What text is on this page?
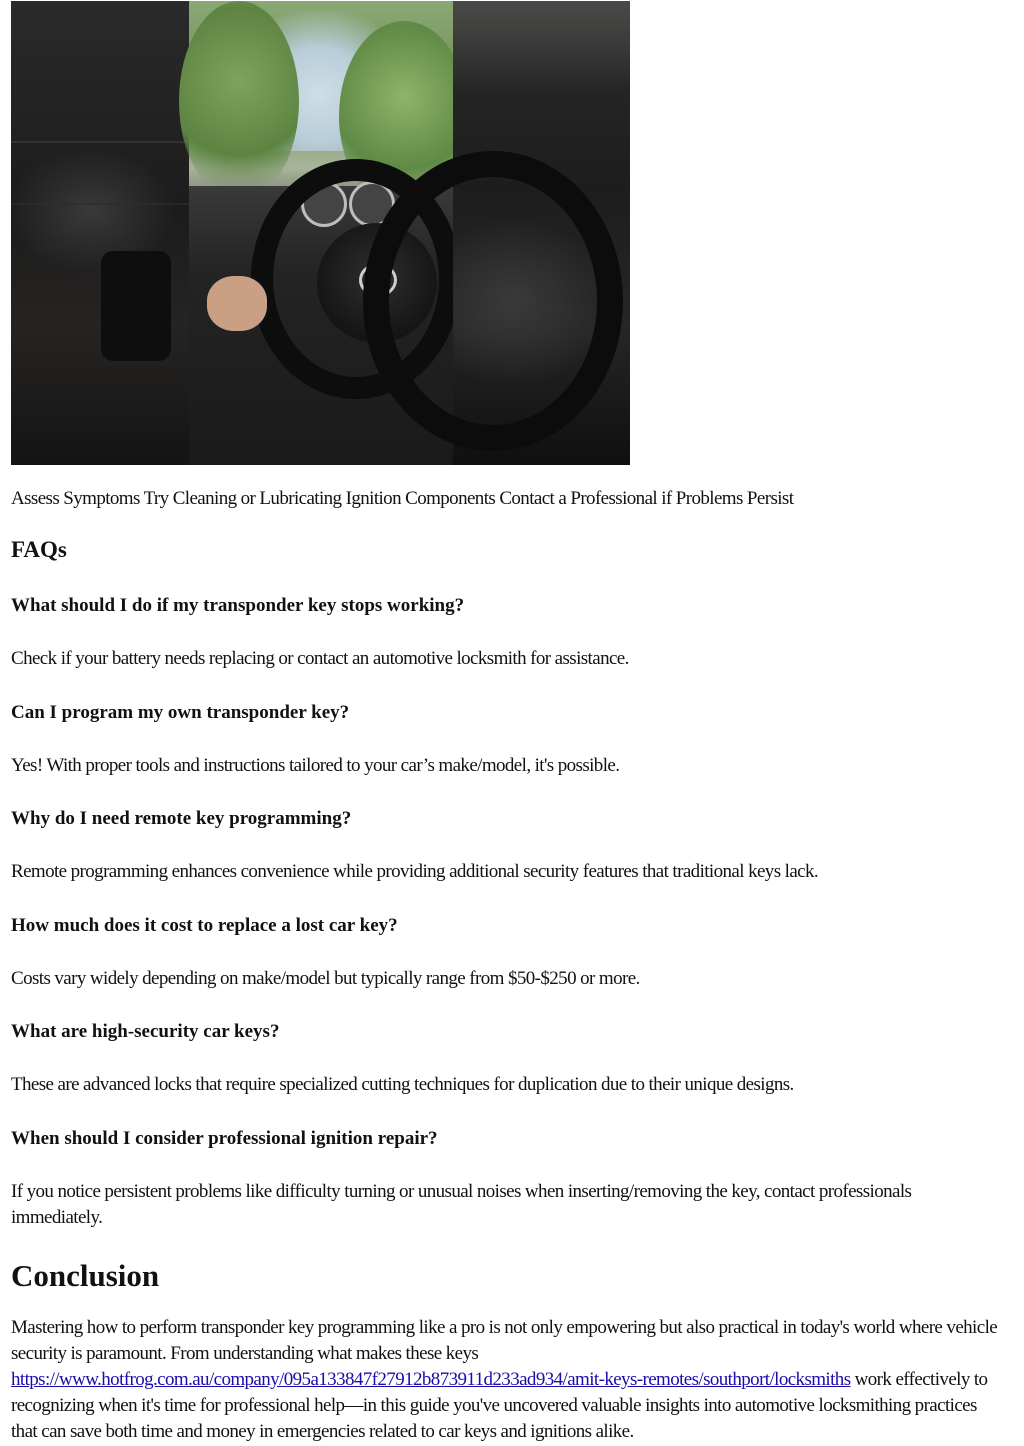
Assess Symptoms Try Cleaning or Lubricating Ignition Components Contact a Professional if Problems Persist

FAQs

What should I do if my transponder key stops working?

Check if your battery needs replacing or contact an automotive locksmith for assistance.

Can I program my own transponder key?

Yes! With proper tools and instructions tailored to your car’s make/model, it's possible.

Why do I need remote key programming?

Remote programming enhances convenience while providing additional security features that traditional keys lack.

How much does it cost to replace a lost car key?

Costs vary widely depending on make/model but typically range from $50-$250 or more.

What are high-security car keys?

These are advanced locks that require specialized cutting techniques for duplication due to their unique designs.

When should I consider professional ignition repair?

If you notice persistent problems like difficulty turning or unusual noises when inserting/removing the key, contact professionals immediately.

Conclusion

Mastering how to perform transponder key programming like a pro is not only empowering but also practical in today's world where vehicle security is paramount. From understanding what makes these keys https://www.hotfrog.com.au/company/095a133847f27912b873911d233ad934/amit-keys-remotes/southport/locksmiths work effectively to recognizing when it's time for professional help—in this guide you've uncovered valuable insights into automotive locksmithing practices that can save both time and money in emergencies related to car keys and ignitions alike.
